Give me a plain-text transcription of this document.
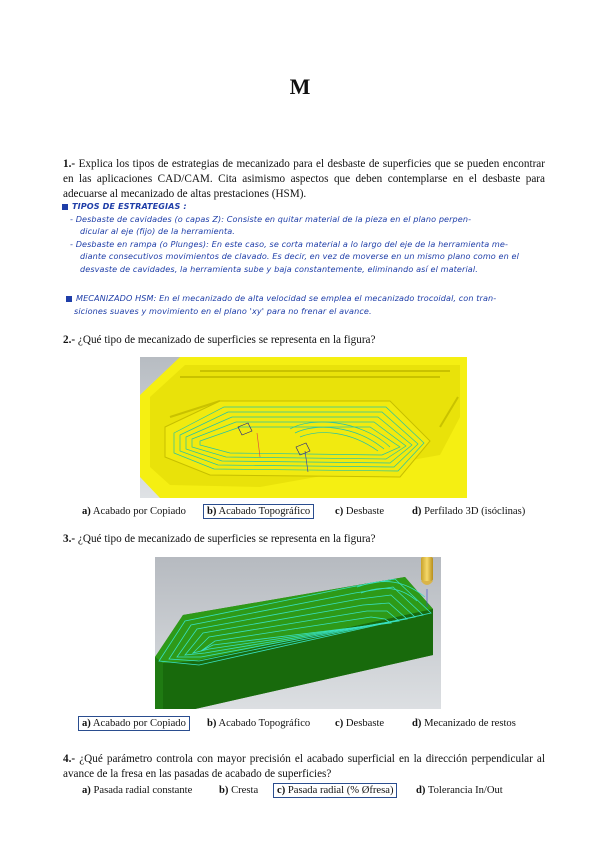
M
1.- Explica los tipos de estrategias de mecanizado para el desbaste de superficies que se pueden encontrar en las aplicaciones CAD/CAM. Cita asimismo aspectos que deben contemplarse en el desbaste para adecuarse al mecanizado de altas prestaciones (HSM).
TIPOS DE ESTRATEGIAS :
- Desbaste de cavidades (o capas Z): Consiste en quitar material de la pieza en el plano perpen-
dicular al eje (fijo) de la herramienta.
- Desbaste en rampa (o Plunges): En este caso, se corta material a lo largo del eje de la herramienta me-
diante consecutivos movimientos de clavado. Es decir, en vez de moverse en un mismo plano como en el
desvaste de cavidades, la herramienta sube y baja constantemente, eliminando así el material.
MECANIZADO HSM: En el mecanizado de alta velocidad se emplea el mecanizado trocoidal, con tran-
siciones suaves y movimiento en el plano 'xy' para no frenar el avance.
2.- ¿Qué tipo de mecanizado de superficies se representa en la figura?
a) Acabado por Copiado	b) Acabado Topográfico	c) Desbaste	d) Perfilado 3D (isóclinas)
3.- ¿Qué tipo de mecanizado de superficies se representa en la figura?
a) Acabado por Copiado	b) Acabado Topográfico c) Desbaste	d) Mecanizado de restos
4.- ¿Qué parámetro controla con mayor precisión el acabado superficial en la dirección perpendicular al avance de la fresa en las pasadas de acabado de superficies?
a) Pasada radial constante	b) Cresta	c) Pasada radial (% Øfresa)	d) Tolerancia In/Out
